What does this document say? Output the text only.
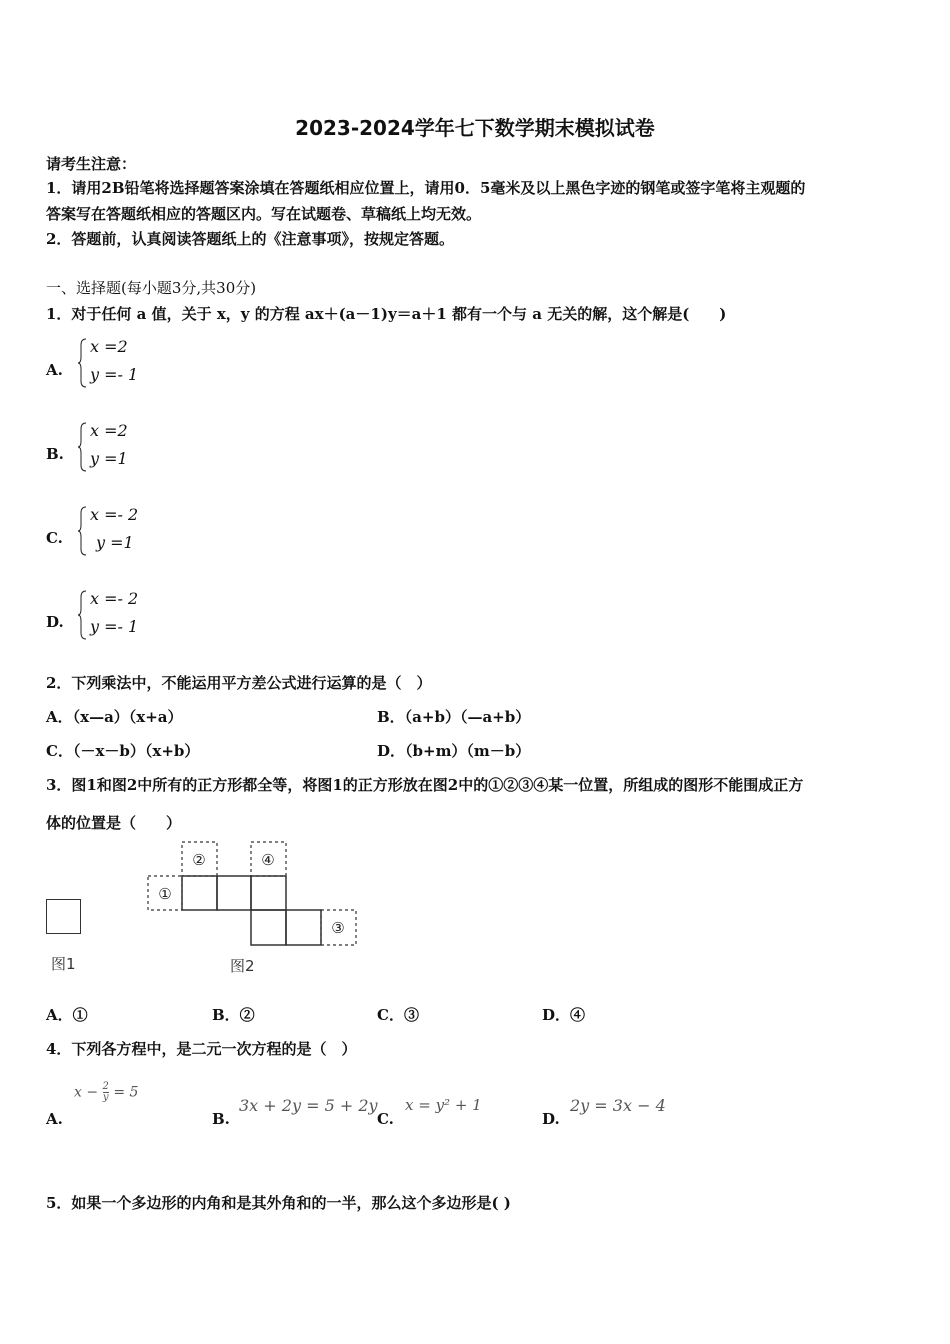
2023-2024学年七下数学期末模拟试卷
请考生注意：
1．请用2B铅笔将选择题答案涂填在答题纸相应位置上，请用0．5毫米及以上黑色字迹的钢笔或签字笔将主观题的
答案写在答题纸相应的答题区内。写在试题卷、草稿纸上均无效。
2．答题前，认真阅读答题纸上的《注意事项》，按规定答题。
一、选择题(每小题3分,共30分)
1．对于任何 a 值，关于 x，y 的方程 ax＋(a－1)y＝a＋1 都有一个与 a 无关的解，这个解是(　　)
A.
x =2
y =- 1
B.
x =2
y =1
C.
x =- 2
y =1
D.
x =- 2
y =- 1
2．下列乘法中，不能运用平方差公式进行运算的是（　）
A．（x—a）（x+a）	B．（a+b）（—a+b）
C．（－x－b）（x+b）	D．（b+m）（m－b）
3．图1和图2中所有的正方形都全等，将图1的正方形放在图2中的①②③④某一位置，所组成的图形不能围成正方
体的位置是（　　）
图1
①
②
③
④
图2
A．①	B．②	C．③	D．④
4．下列各方程中，是二元一次方程的是（　）
A.
$x - \frac{2}{y} = 5$
B.
3x + 2y = 5 + 2y
C.
x = y² + 1
D.
2y = 3x − 4
5．如果一个多边形的内角和是其外角和的一半，那么这个多边形是( )
